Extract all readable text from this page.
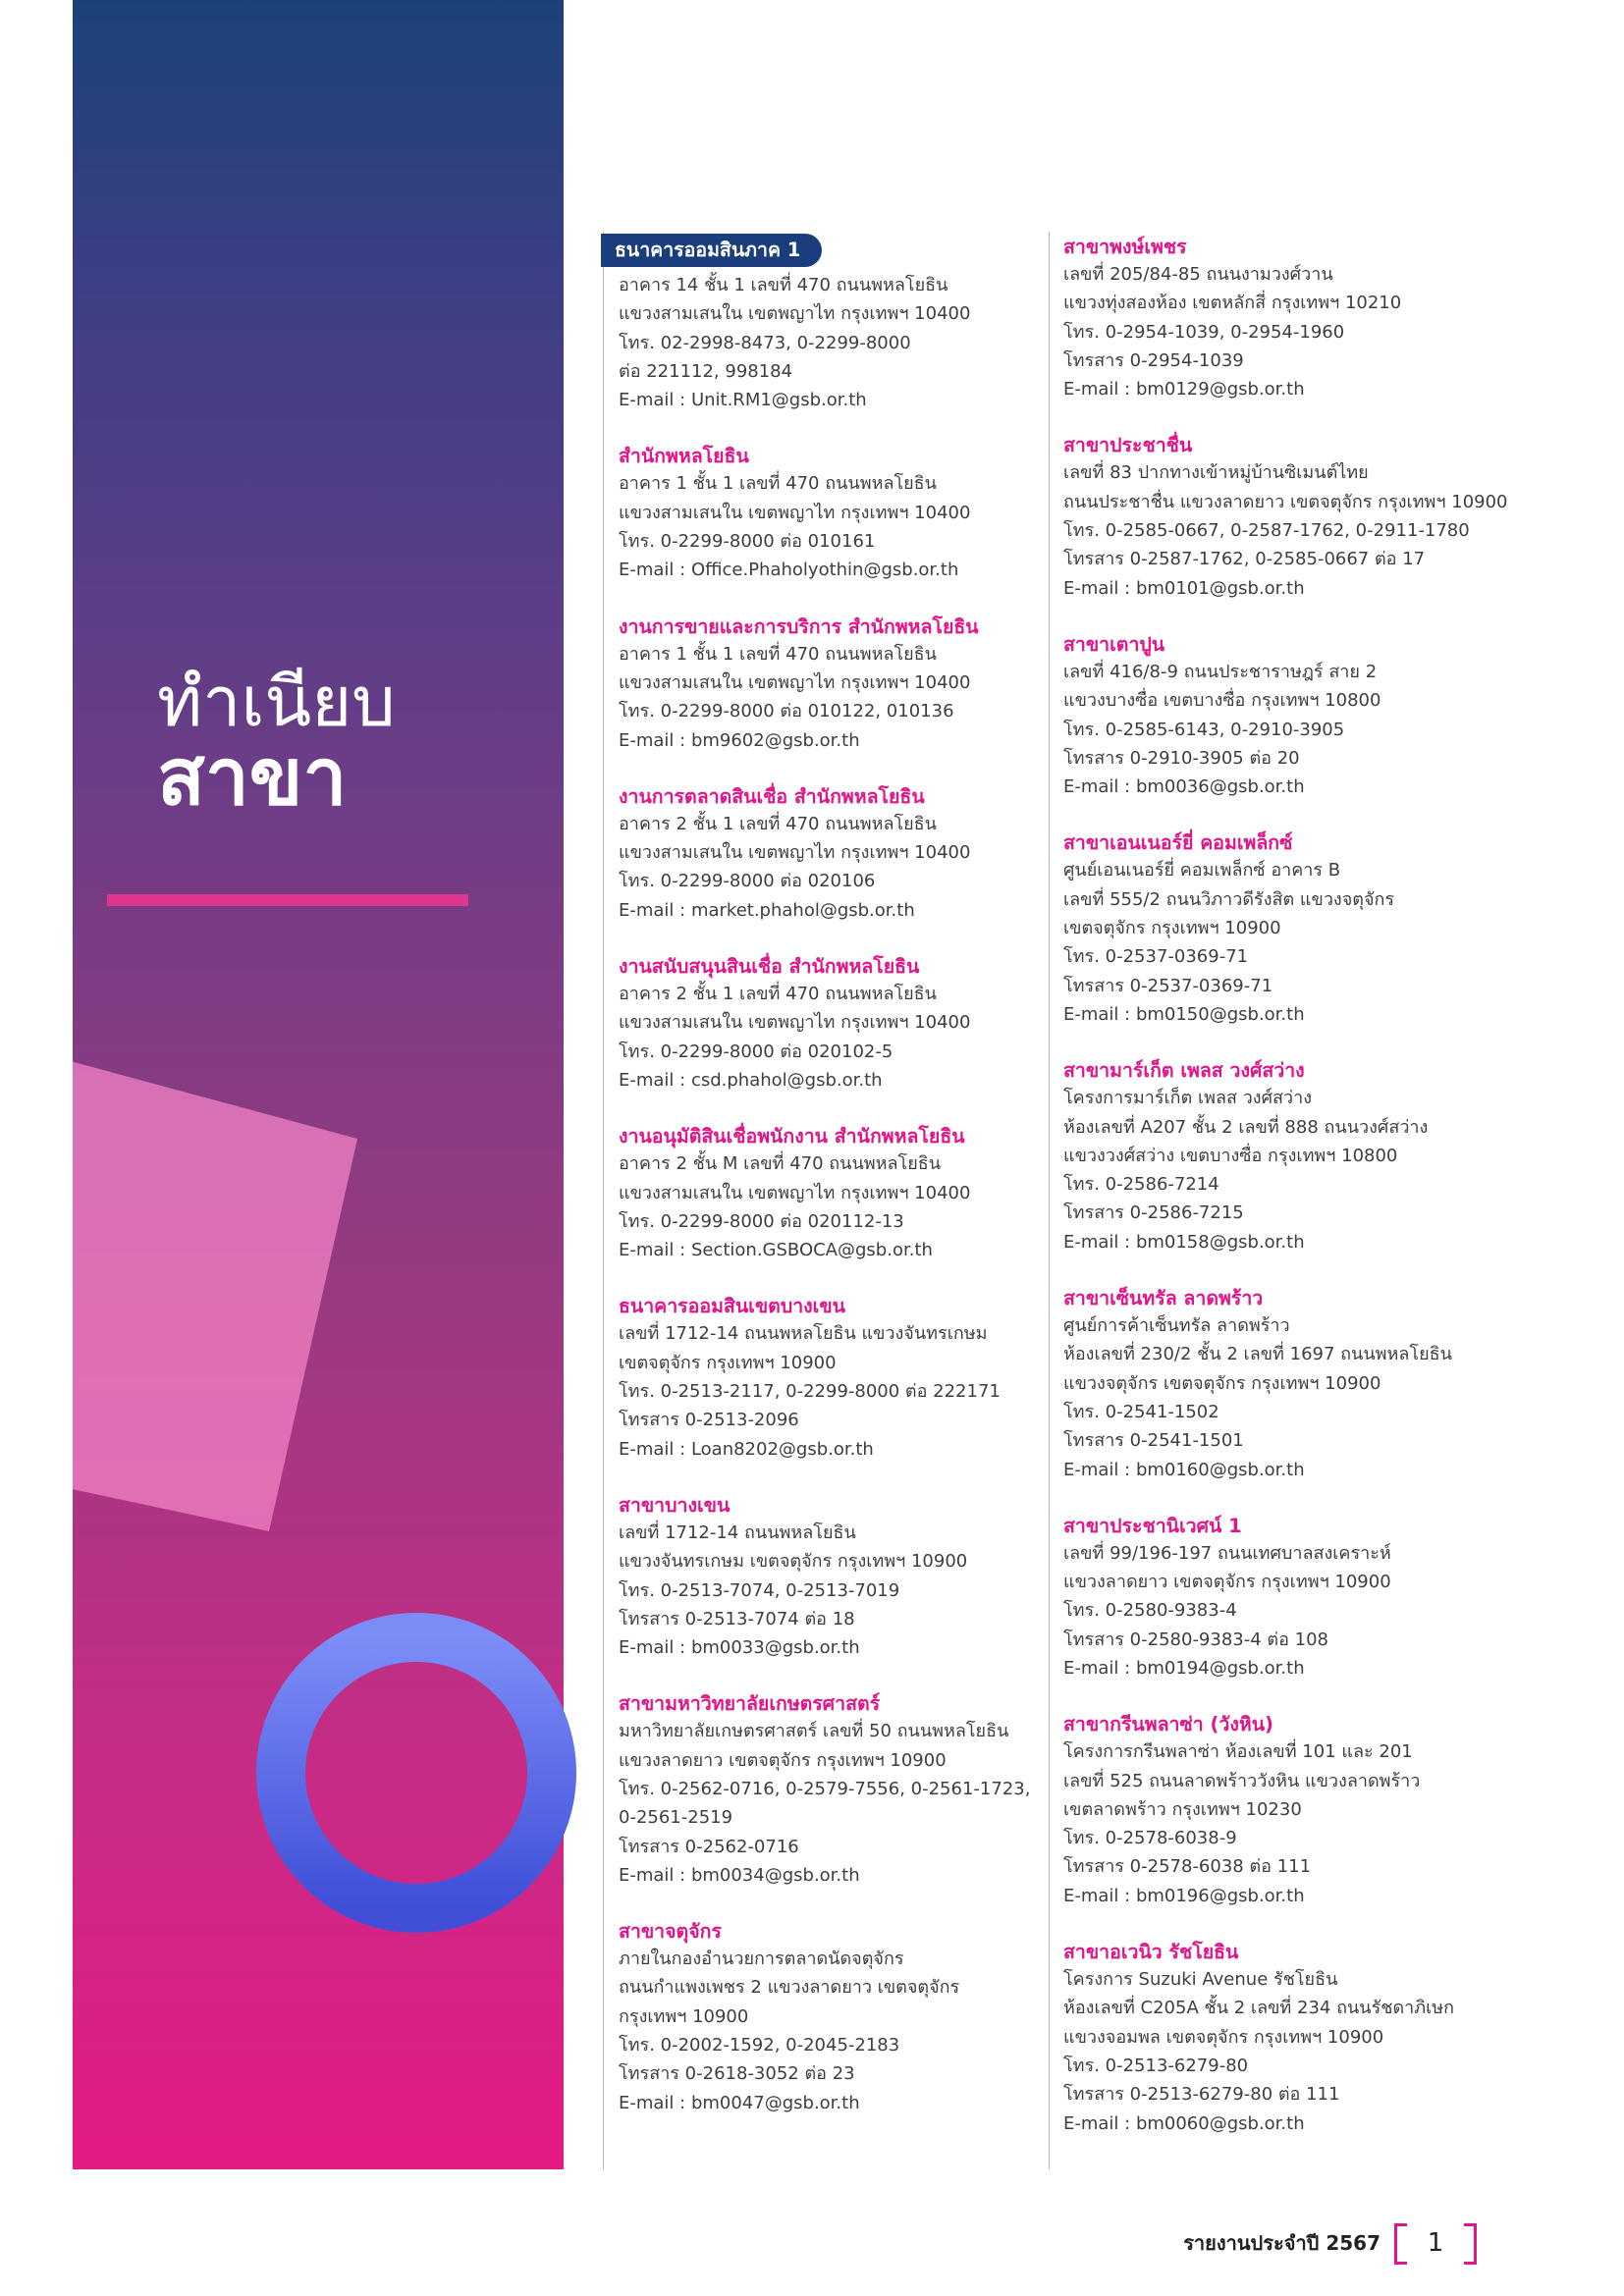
ทำเนียบ
สาขา
ธนาคารออมสินภาค 1
อาคาร 14 ชั้น 1 เลขที่ 470 ถนนพหลโยธิน
แขวงสามเสนใน เขตพญาไท กรุงเทพฯ 10400
โทร. 02-2998-8473, 0-2299-8000
ต่อ 221112, 998184
E-mail : Unit.RM1@gsb.or.th
สำนักพหลโยธิน
อาคาร 1 ชั้น 1 เลขที่ 470 ถนนพหลโยธิน
แขวงสามเสนใน เขตพญาไท กรุงเทพฯ 10400
โทร. 0-2299-8000 ต่อ 010161
E-mail : Office.Phaholyothin@gsb.or.th
งานการขายและการบริการ สำนักพหลโยธิน
อาคาร 1 ชั้น 1 เลขที่ 470 ถนนพหลโยธิน
แขวงสามเสนใน เขตพญาไท กรุงเทพฯ 10400
โทร. 0-2299-8000 ต่อ 010122, 010136
E-mail : bm9602@gsb.or.th
งานการตลาดสินเชื่อ สำนักพหลโยธิน
อาคาร 2 ชั้น 1 เลขที่ 470 ถนนพหลโยธิน
แขวงสามเสนใน เขตพญาไท กรุงเทพฯ 10400
โทร. 0-2299-8000 ต่อ 020106
E-mail : market.phahol@gsb.or.th
งานสนับสนุนสินเชื่อ สำนักพหลโยธิน
อาคาร 2 ชั้น 1 เลขที่ 470 ถนนพหลโยธิน
แขวงสามเสนใน เขตพญาไท กรุงเทพฯ 10400
โทร. 0-2299-8000 ต่อ 020102-5
E-mail : csd.phahol@gsb.or.th
งานอนุมัติสินเชื่อพนักงาน สำนักพหลโยธิน
อาคาร 2 ชั้น M เลขที่ 470 ถนนพหลโยธิน
แขวงสามเสนใน เขตพญาไท กรุงเทพฯ 10400
โทร. 0-2299-8000 ต่อ 020112-13
E-mail : Section.GSBOCA@gsb.or.th
ธนาคารออมสินเขตบางเขน
เลขที่ 1712-14 ถนนพหลโยธิน แขวงจันทรเกษม
เขตจตุจักร กรุงเทพฯ 10900
โทร. 0-2513-2117, 0-2299-8000 ต่อ 222171
โทรสาร 0-2513-2096
E-mail : Loan8202@gsb.or.th
สาขาบางเขน
เลขที่ 1712-14 ถนนพหลโยธิน
แขวงจันทรเกษม เขตจตุจักร กรุงเทพฯ 10900
โทร. 0-2513-7074, 0-2513-7019
โทรสาร 0-2513-7074 ต่อ 18
E-mail : bm0033@gsb.or.th
สาขามหาวิทยาลัยเกษตรศาสตร์
มหาวิทยาลัยเกษตรศาสตร์ เลขที่ 50 ถนนพหลโยธิน
แขวงลาดยาว เขตจตุจักร กรุงเทพฯ 10900
โทร. 0-2562-0716, 0-2579-7556, 0-2561-1723,
0-2561-2519
โทรสาร 0-2562-0716
E-mail : bm0034@gsb.or.th
สาขาจตุจักร
ภายในกองอำนวยการตลาดนัดจตุจักร
ถนนกำแพงเพชร 2 แขวงลาดยาว เขตจตุจักร
กรุงเทพฯ 10900
โทร. 0-2002-1592, 0-2045-2183
โทรสาร 0-2618-3052 ต่อ 23
E-mail : bm0047@gsb.or.th
สาขาพงษ์เพชร
เลขที่ 205/84-85 ถนนงามวงศ์วาน
แขวงทุ่งสองห้อง เขตหลักสี่ กรุงเทพฯ 10210
โทร. 0-2954-1039, 0-2954-1960
โทรสาร 0-2954-1039
E-mail : bm0129@gsb.or.th
สาขาประชาชื่น
เลขที่ 83 ปากทางเข้าหมู่บ้านซิเมนต์ไทย
ถนนประชาชื่น แขวงลาดยาว เขตจตุจักร กรุงเทพฯ 10900
โทร. 0-2585-0667, 0-2587-1762, 0-2911-1780
โทรสาร 0-2587-1762, 0-2585-0667 ต่อ 17
E-mail : bm0101@gsb.or.th
สาขาเตาปูน
เลขที่ 416/8-9 ถนนประชาราษฎร์ สาย 2
แขวงบางซื่อ เขตบางซื่อ กรุงเทพฯ 10800
โทร. 0-2585-6143, 0-2910-3905
โทรสาร 0-2910-3905 ต่อ 20
E-mail : bm0036@gsb.or.th
สาขาเอนเนอร์ยี่ คอมเพล็กซ์
ศูนย์เอนเนอร์ยี่ คอมเพล็กซ์ อาคาร B
เลขที่ 555/2 ถนนวิภาวดีรังสิต แขวงจตุจักร
เขตจตุจักร กรุงเทพฯ 10900
โทร. 0-2537-0369-71
โทรสาร 0-2537-0369-71
E-mail : bm0150@gsb.or.th
สาขามาร์เก็ต เพลส วงศ์สว่าง
โครงการมาร์เก็ต เพลส วงศ์สว่าง
ห้องเลขที่ A207 ชั้น 2 เลขที่ 888 ถนนวงศ์สว่าง
แขวงวงศ์สว่าง เขตบางซื่อ กรุงเทพฯ 10800
โทร. 0-2586-7214
โทรสาร 0-2586-7215
E-mail : bm0158@gsb.or.th
สาขาเซ็นทรัล ลาดพร้าว
ศูนย์การค้าเซ็นทรัล ลาดพร้าว
ห้องเลขที่ 230/2 ชั้น 2 เลขที่ 1697 ถนนพหลโยธิน
แขวงจตุจักร เขตจตุจักร กรุงเทพฯ 10900
โทร. 0-2541-1502
โทรสาร 0-2541-1501
E-mail : bm0160@gsb.or.th
สาขาประชานิเวศน์ 1
เลขที่ 99/196-197 ถนนเทศบาลสงเคราะห์
แขวงลาดยาว เขตจตุจักร กรุงเทพฯ 10900
โทร. 0-2580-9383-4
โทรสาร 0-2580-9383-4 ต่อ 108
E-mail : bm0194@gsb.or.th
สาขากรีนพลาซ่า (วังหิน)
โครงการกรีนพลาซ่า ห้องเลขที่ 101 และ 201
เลขที่ 525 ถนนลาดพร้าววังหิน แขวงลาดพร้าว
เขตลาดพร้าว กรุงเทพฯ 10230
โทร. 0-2578-6038-9
โทรสาร 0-2578-6038 ต่อ 111
E-mail : bm0196@gsb.or.th
สาขาอเวนิว รัชโยธิน
โครงการ Suzuki Avenue รัชโยธิน
ห้องเลขที่ C205A ชั้น 2 เลขที่ 234 ถนนรัชดาภิเษก
แขวงจอมพล เขตจตุจักร กรุงเทพฯ 10900
โทร. 0-2513-6279-80
โทรสาร 0-2513-6279-80 ต่อ 111
E-mail : bm0060@gsb.or.th
รายงานประจำปี 2567 1
